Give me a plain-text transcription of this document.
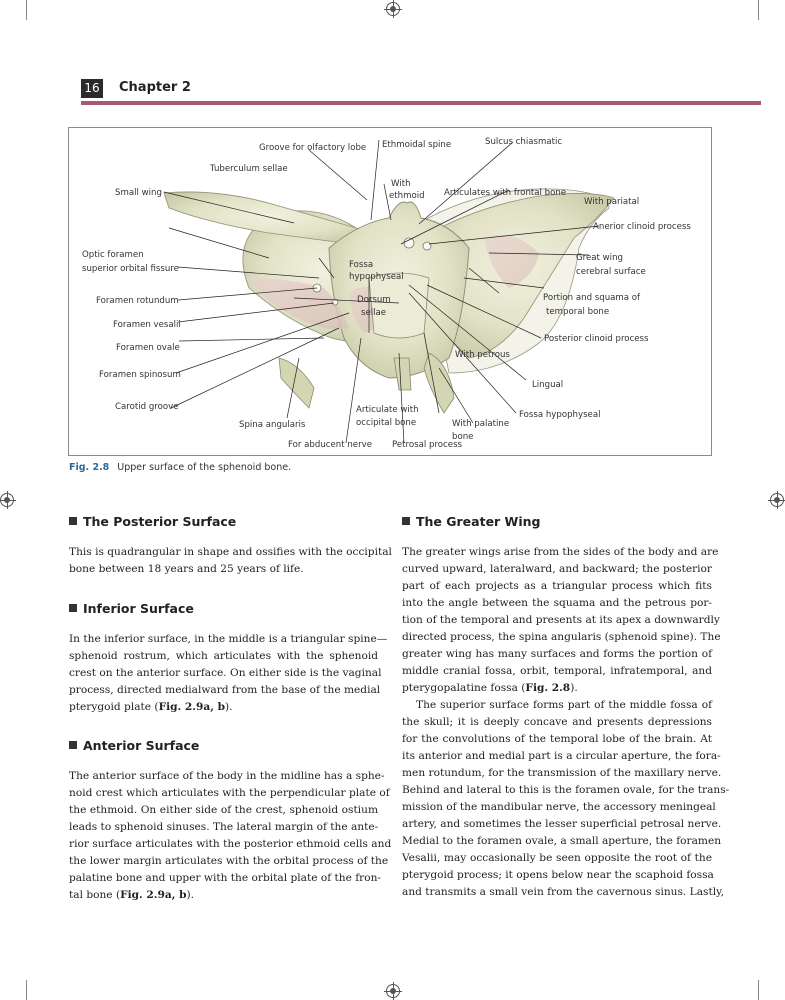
16 Chapter 2
Groove for olfactory lobe Ethmoidal spine	Sulcus chiasmatic
Tuberculum sellae
With
ethmoid Articulates with frontal bone
Small wing
With pariatal
Anerior clinoid process
Optic foramen
superior orbital fissure	Fossa
hypophyseal
Great wing
cerebral surface
Foramen rotundum	Dorsum
sellae
Portion and squama of
temporal bone
Foramen vesalii
Posterior clinoid process
Foramen ovale
With petrous
Foramen spinosum
Lingual
Carotid groove	Articulate with
occipital bone
Fossa hypophyseal
Spina angularis	With palatine
bone
For abducent nerve Petrosal process
Fig. 2.8 Upper surface of the sphenoid bone.
The Posterior Surface
This is quadrangular in shape and ossifies with the occipital
bone between 18 years and 25 years of life.
Inferior Surface
In the inferior surface, in the middle is a triangular spine—
sphenoid rostrum, which articulates with the sphenoid
crest on the anterior surface. On either side is the vaginal
process, directed medialward from the base of the medial
pterygoid plate (Fig. 2.9a, b).
Anterior Surface
The anterior surface of the body in the midline has a sphe-
noid crest which articulates with the perpendicular plate of
the ethmoid. On either side of the crest, sphenoid ostium
leads to sphenoid sinuses. The lateral margin of the ante-
rior surface articulates with the posterior ethmoid cells and
the lower margin articulates with the orbital process of the
palatine bone and upper with the orbital plate of the fron-
tal bone (Fig. 2.9a, b).
The Greater Wing
The greater wings arise from the sides of the body and are
curved upward, lateralward, and backward; the posterior
part of each projects as a triangular process which fits
into the angle between the squama and the petrous por-
tion of the temporal and presents at its apex a downwardly
directed process, the spina angularis (sphenoid spine). The
greater wing has many surfaces and forms the portion of
middle cranial fossa, orbit, temporal, infratemporal, and
pterygopalatine fossa (Fig. 2.8).
The superior surface forms part of the middle fossa of
the skull; it is deeply concave and presents depressions
for the convolutions of the temporal lobe of the brain. At
its anterior and medial part is a circular aperture, the fora-
men rotundum, for the transmission of the maxillary nerve.
Behind and lateral to this is the foramen ovale, for the trans-
mission of the mandibular nerve, the accessory meningeal
artery, and sometimes the lesser superficial petrosal nerve.
Medial to the foramen ovale, a small aperture, the foramen
Vesalii, may occasionally be seen opposite the root of the
pterygoid process; it opens below near the scaphoid fossa
and transmits a small vein from the cavernous sinus. Lastly,
